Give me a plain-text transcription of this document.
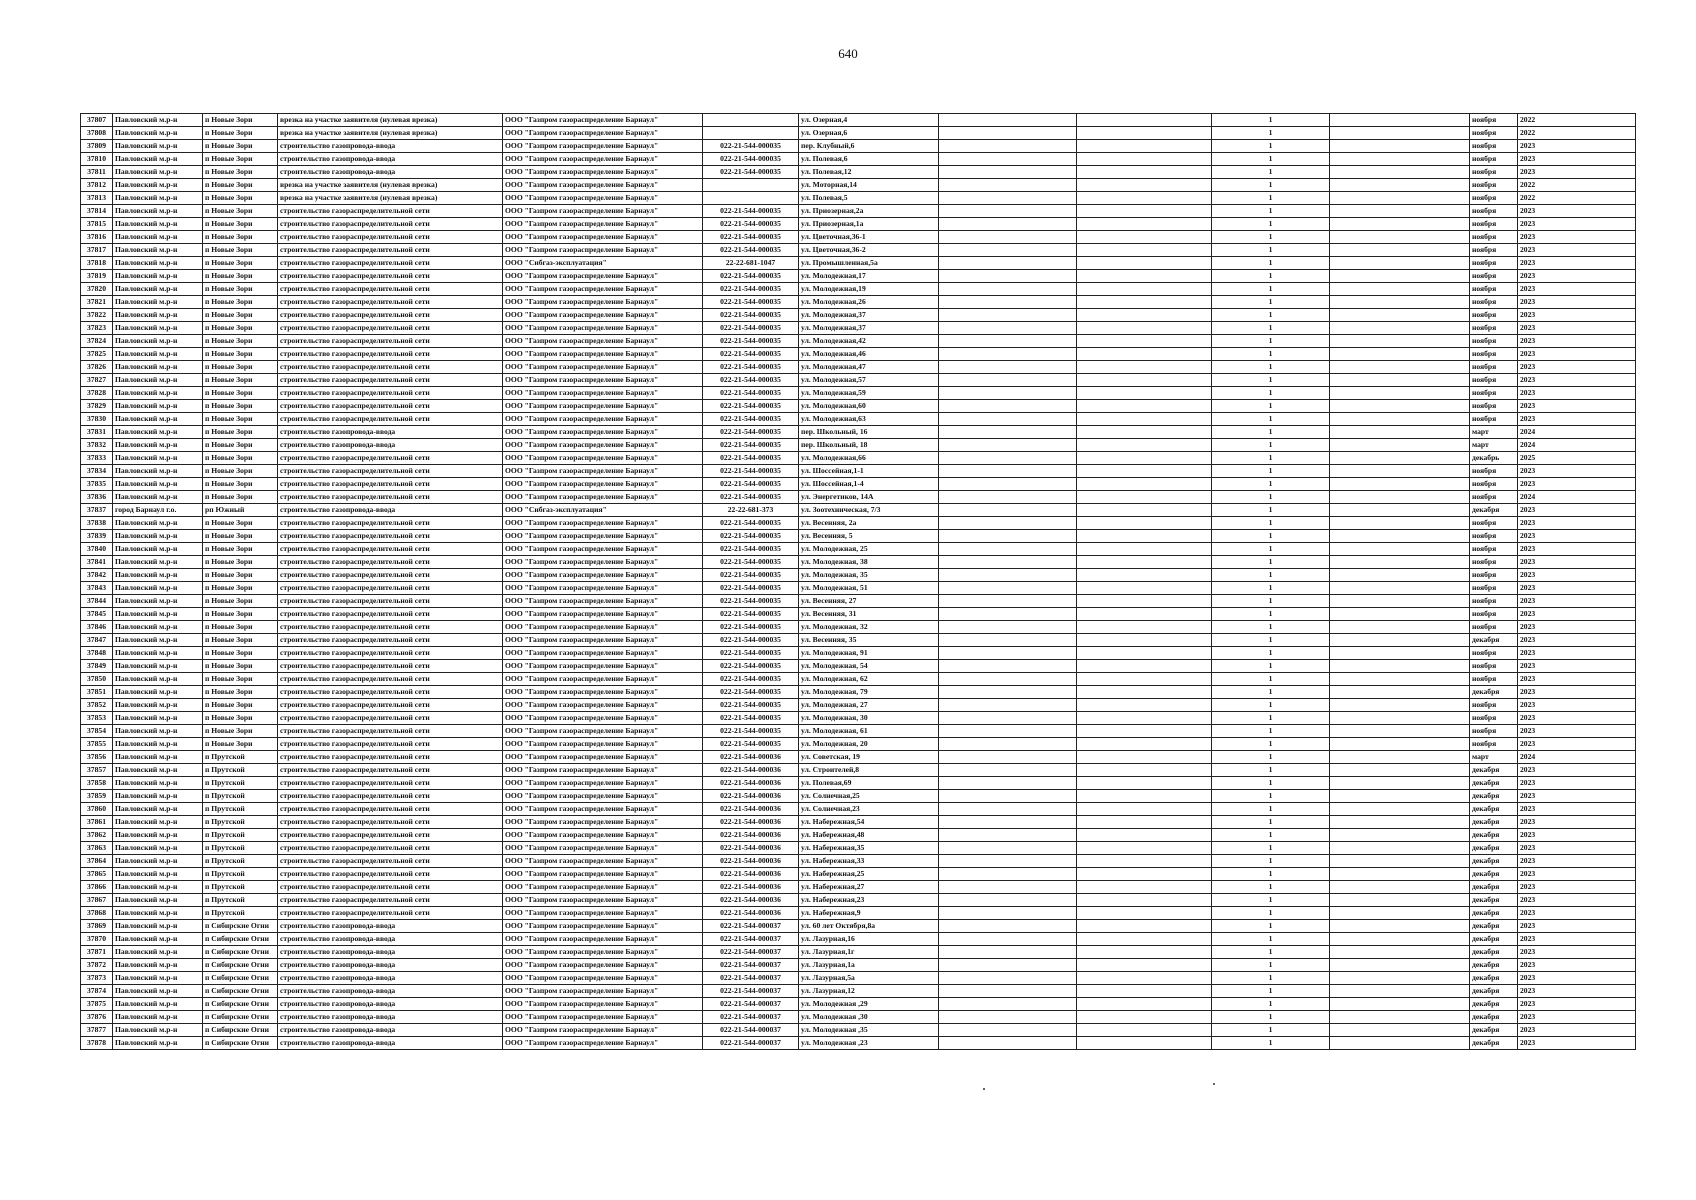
640
37807	Павловский м.р-н	п Новые Зори	врезка на участке заявителя (нулевая врезка)	ООО "Газпром газораспределение Барнаул"		ул. Озерная,4			1		ноября	2022
37808	Павловский м.р-н	п Новые Зори	врезка на участке заявителя (нулевая врезка)	ООО "Газпром газораспределение Барнаул"		ул. Озерная,6			1		ноября	2022
37809	Павловский м.р-н	п Новые Зори	строительство газопровода-ввода	ООО "Газпром газораспределение Барнаул"	022-21-544-000035	пер. Клубный,6			1		ноября	2023
37810	Павловский м.р-н	п Новые Зори	строительство газопровода-ввода	ООО "Газпром газораспределение Барнаул"	022-21-544-000035	ул. Полевая,6			1		ноября	2023
37811	Павловский м.р-н	п Новые Зори	строительство газопровода-ввода	ООО "Газпром газораспределение Барнаул"	022-21-544-000035	ул. Полевая,12			1		ноября	2023
37812	Павловский м.р-н	п Новые Зори	врезка на участке заявителя (нулевая врезка)	ООО "Газпром газораспределение Барнаул"		ул. Моторная,14			1		ноября	2022
37813	Павловский м.р-н	п Новые Зори	врезка на участке заявителя (нулевая врезка)	ООО "Газпром газораспределение Барнаул"		ул. Полевая,5			1		ноября	2022
37814	Павловский м.р-н	п Новые Зори	строительство газораспределительной сети	ООО "Газпром газораспределение Барнаул"	022-21-544-000035	ул. Приозерная,2а			1		ноября	2023
37815	Павловский м.р-н	п Новые Зори	строительство газораспределительной сети	ООО "Газпром газораспределение Барнаул"	022-21-544-000035	ул. Приозерная,1а			1		ноября	2023
37816	Павловский м.р-н	п Новые Зори	строительство газораспределительной сети	ООО "Газпром газораспределение Барнаул"	022-21-544-000035	ул. Цветочная,36-1			1		ноября	2023
37817	Павловский м.р-н	п Новые Зори	строительство газораспределительной сети	ООО "Газпром газораспределение Барнаул"	022-21-544-000035	ул. Цветочная,36-2			1		ноября	2023
37818	Павловский м.р-н	п Новые Зори	строительство газораспределительной сети	ООО "Сибгаз-эксплуатация"	22-22-681-1047	ул. Промышленная,5а			1		ноября	2023
37819	Павловский м.р-н	п Новые Зори	строительство газораспределительной сети	ООО "Газпром газораспределение Барнаул"	022-21-544-000035	ул. Молодежная,17			1		ноября	2023
37820	Павловский м.р-н	п Новые Зори	строительство газораспределительной сети	ООО "Газпром газораспределение Барнаул"	022-21-544-000035	ул. Молодежная,19			1		ноября	2023
37821	Павловский м.р-н	п Новые Зори	строительство газораспределительной сети	ООО "Газпром газораспределение Барнаул"	022-21-544-000035	ул. Молодежная,26			1		ноября	2023
37822	Павловский м.р-н	п Новые Зори	строительство газораспределительной сети	ООО "Газпром газораспределение Барнаул"	022-21-544-000035	ул. Молодежная,37			1		ноября	2023
37823	Павловский м.р-н	п Новые Зори	строительство газораспределительной сети	ООО "Газпром газораспределение Барнаул"	022-21-544-000035	ул. Молодежная,37			1		ноября	2023
37824	Павловский м.р-н	п Новые Зори	строительство газораспределительной сети	ООО "Газпром газораспределение Барнаул"	022-21-544-000035	ул. Молодежная,42			1		ноября	2023
37825	Павловский м.р-н	п Новые Зори	строительство газораспределительной сети	ООО "Газпром газораспределение Барнаул"	022-21-544-000035	ул. Молодежная,46			1		ноября	2023
37826	Павловский м.р-н	п Новые Зори	строительство газораспределительной сети	ООО "Газпром газораспределение Барнаул"	022-21-544-000035	ул. Молодежная,47			1		ноября	2023
37827	Павловский м.р-н	п Новые Зори	строительство газораспределительной сети	ООО "Газпром газораспределение Барнаул"	022-21-544-000035	ул. Молодежная,57			1		ноября	2023
37828	Павловский м.р-н	п Новые Зори	строительство газораспределительной сети	ООО "Газпром газораспределение Барнаул"	022-21-544-000035	ул. Молодежная,59			1		ноября	2023
37829	Павловский м.р-н	п Новые Зори	строительство газораспределительной сети	ООО "Газпром газораспределение Барнаул"	022-21-544-000035	ул. Молодежная,60			1		ноября	2023
37830	Павловский м.р-н	п Новые Зори	строительство газораспределительной сети	ООО "Газпром газораспределение Барнаул"	022-21-544-000035	ул. Молодежная,63			1		ноября	2023
37831	Павловский м.р-н	п Новые Зори	строительство газопровода-ввода	ООО "Газпром газораспределение Барнаул"	022-21-544-000035	пер. Школьный, 16			1		март	2024
37832	Павловский м.р-н	п Новые Зори	строительство газопровода-ввода	ООО "Газпром газораспределение Барнаул"	022-21-544-000035	пер. Школьный, 18			1		март	2024
37833	Павловский м.р-н	п Новые Зори	строительство газораспределительной сети	ООО "Газпром газораспределение Барнаул"	022-21-544-000035	ул. Молодежная,66			1		декабрь	2025
37834	Павловский м.р-н	п Новые Зори	строительство газораспределительной сети	ООО "Газпром газораспределение Барнаул"	022-21-544-000035	ул. Шоссейная,1-1			1		ноября	2023
37835	Павловский м.р-н	п Новые Зори	строительство газораспределительной сети	ООО "Газпром газораспределение Барнаул"	022-21-544-000035	ул. Шоссейная,1-4			1		ноября	2023
37836	Павловский м.р-н	п Новые Зори	строительство газораспределительной сети	ООО "Газпром газораспределение Барнаул"	022-21-544-000035	ул. Энергетиков, 14А			1		ноября	2024
37837	город Барнаул г.о.	рп Южный	строительство газопровода-ввода	ООО "Сибгаз-эксплуатация"	22-22-681-373	ул. Зоотехническая, 7/3			1		декабря	2023
37838	Павловский м.р-н	п Новые Зори	строительство газораспределительной сети	ООО "Газпром газораспределение Барнаул"	022-21-544-000035	ул. Весенняя, 2а			1		ноября	2023
37839	Павловский м.р-н	п Новые Зори	строительство газораспределительной сети	ООО "Газпром газораспределение Барнаул"	022-21-544-000035	ул. Весенняя, 5			1		ноября	2023
37840	Павловский м.р-н	п Новые Зори	строительство газораспределительной сети	ООО "Газпром газораспределение Барнаул"	022-21-544-000035	ул. Молодежная, 25			1		ноября	2023
37841	Павловский м.р-н	п Новые Зори	строительство газораспределительной сети	ООО "Газпром газораспределение Барнаул"	022-21-544-000035	ул. Молодежная, 38			1		ноября	2023
37842	Павловский м.р-н	п Новые Зори	строительство газораспределительной сети	ООО "Газпром газораспределение Барнаул"	022-21-544-000035	ул. Молодежная, 35			1		ноября	2023
37843	Павловский м.р-н	п Новые Зори	строительство газораспределительной сети	ООО "Газпром газораспределение Барнаул"	022-21-544-000035	ул. Молодежная, 51			1		ноября	2023
37844	Павловский м.р-н	п Новые Зори	строительство газораспределительной сети	ООО "Газпром газораспределение Барнаул"	022-21-544-000035	ул. Весенняя, 27			1		ноября	2023
37845	Павловский м.р-н	п Новые Зори	строительство газораспределительной сети	ООО "Газпром газораспределение Барнаул"	022-21-544-000035	ул. Весенняя, 31			1		ноября	2023
37846	Павловский м.р-н	п Новые Зори	строительство газораспределительной сети	ООО "Газпром газораспределение Барнаул"	022-21-544-000035	ул. Молодежная, 32			1		ноября	2023
37847	Павловский м.р-н	п Новые Зори	строительство газораспределительной сети	ООО "Газпром газораспределение Барнаул"	022-21-544-000035	ул. Весенняя, 35			1		декабря	2023
37848	Павловский м.р-н	п Новые Зори	строительство газораспределительной сети	ООО "Газпром газораспределение Барнаул"	022-21-544-000035	ул. Молодежная, 91			1		ноября	2023
37849	Павловский м.р-н	п Новые Зори	строительство газораспределительной сети	ООО "Газпром газораспределение Барнаул"	022-21-544-000035	ул. Молодежная, 54			1		ноября	2023
37850	Павловский м.р-н	п Новые Зори	строительство газораспределительной сети	ООО "Газпром газораспределение Барнаул"	022-21-544-000035	ул. Молодежная, 62			1		ноября	2023
37851	Павловский м.р-н	п Новые Зори	строительство газораспределительной сети	ООО "Газпром газораспределение Барнаул"	022-21-544-000035	ул. Молодежная, 79			1		декабря	2023
37852	Павловский м.р-н	п Новые Зори	строительство газораспределительной сети	ООО "Газпром газораспределение Барнаул"	022-21-544-000035	ул. Молодежная, 27			1		ноября	2023
37853	Павловский м.р-н	п Новые Зори	строительство газораспределительной сети	ООО "Газпром газораспределение Барнаул"	022-21-544-000035	ул. Молодежная, 30			1		ноября	2023
37854	Павловский м.р-н	п Новые Зори	строительство газораспределительной сети	ООО "Газпром газораспределение Барнаул"	022-21-544-000035	ул. Молодежная, 61			1		ноября	2023
37855	Павловский м.р-н	п Новые Зори	строительство газораспределительной сети	ООО "Газпром газораспределение Барнаул"	022-21-544-000035	ул. Молодежная, 20			1		ноября	2023
37856	Павловский м.р-н	п Прутской	строительство газораспределительной сети	ООО "Газпром газораспределение Барнаул"	022-21-544-000036	ул. Советская, 19			1		март	2024
37857	Павловский м.р-н	п Прутской	строительство газораспределительной сети	ООО "Газпром газораспределение Барнаул"	022-21-544-000036	ул. Строителей,8			1		декабря	2023
37858	Павловский м.р-н	п Прутской	строительство газораспределительной сети	ООО "Газпром газораспределение Барнаул"	022-21-544-000036	ул. Полевая,69			1		декабря	2023
37859	Павловский м.р-н	п Прутской	строительство газораспределительной сети	ООО "Газпром газораспределение Барнаул"	022-21-544-000036	ул. Солнечная,25			1		декабря	2023
37860	Павловский м.р-н	п Прутской	строительство газораспределительной сети	ООО "Газпром газораспределение Барнаул"	022-21-544-000036	ул. Солнечная,23			1		декабря	2023
37861	Павловский м.р-н	п Прутской	строительство газораспределительной сети	ООО "Газпром газораспределение Барнаул"	022-21-544-000036	ул. Набережная,54			1		декабря	2023
37862	Павловский м.р-н	п Прутской	строительство газораспределительной сети	ООО "Газпром газораспределение Барнаул"	022-21-544-000036	ул. Набережная,48			1		декабря	2023
37863	Павловский м.р-н	п Прутской	строительство газораспределительной сети	ООО "Газпром газораспределение Барнаул"	022-21-544-000036	ул. Набережная,35			1		декабря	2023
37864	Павловский м.р-н	п Прутской	строительство газораспределительной сети	ООО "Газпром газораспределение Барнаул"	022-21-544-000036	ул. Набережная,33			1		декабря	2023
37865	Павловский м.р-н	п Прутской	строительство газораспределительной сети	ООО "Газпром газораспределение Барнаул"	022-21-544-000036	ул. Набережная,25			1		декабря	2023
37866	Павловский м.р-н	п Прутской	строительство газораспределительной сети	ООО "Газпром газораспределение Барнаул"	022-21-544-000036	ул. Набережная,27			1		декабря	2023
37867	Павловский м.р-н	п Прутской	строительство газораспределительной сети	ООО "Газпром газораспределение Барнаул"	022-21-544-000036	ул. Набережная,23			1		декабря	2023
37868	Павловский м.р-н	п Прутской	строительство газораспределительной сети	ООО "Газпром газораспределение Барнаул"	022-21-544-000036	ул. Набережная,9			1		декабря	2023
37869	Павловский м.р-н	п Сибирские Огни	строительство газопровода-ввода	ООО "Газпром газораспределение Барнаул"	022-21-544-000037	ул. 60 лет Октября,8а			1		декабря	2023
37870	Павловский м.р-н	п Сибирские Огни	строительство газопровода-ввода	ООО "Газпром газораспределение Барнаул"	022-21-544-000037	ул. Лазурная,16			1		декабря	2023
37871	Павловский м.р-н	п Сибирские Огни	строительство газопровода-ввода	ООО "Газпром газораспределение Барнаул"	022-21-544-000037	ул. Лазурная,1г			1		декабря	2023
37872	Павловский м.р-н	п Сибирские Огни	строительство газопровода-ввода	ООО "Газпром газораспределение Барнаул"	022-21-544-000037	ул. Лазурная,1а			1		декабря	2023
37873	Павловский м.р-н	п Сибирские Огни	строительство газопровода-ввода	ООО "Газпром газораспределение Барнаул"	022-21-544-000037	ул. Лазурная,5а			1		декабря	2023
37874	Павловский м.р-н	п Сибирские Огни	строительство газопровода-ввода	ООО "Газпром газораспределение Барнаул"	022-21-544-000037	ул. Лазурная,12			1		декабря	2023
37875	Павловский м.р-н	п Сибирские Огни	строительство газопровода-ввода	ООО "Газпром газораспределение Барнаул"	022-21-544-000037	ул. Молодежная ,29			1		декабря	2023
37876	Павловский м.р-н	п Сибирские Огни	строительство газопровода-ввода	ООО "Газпром газораспределение Барнаул"	022-21-544-000037	ул. Молодежная ,30			1		декабря	2023
37877	Павловский м.р-н	п Сибирские Огни	строительство газопровода-ввода	ООО "Газпром газораспределение Барнаул"	022-21-544-000037	ул. Молодежная ,35			1		декабря	2023
37878	Павловский м.р-н	п Сибирские Огни	строительство газопровода-ввода	ООО "Газпром газораспределение Барнаул"	022-21-544-000037	ул. Молодежная ,23			1		декабря	2023
